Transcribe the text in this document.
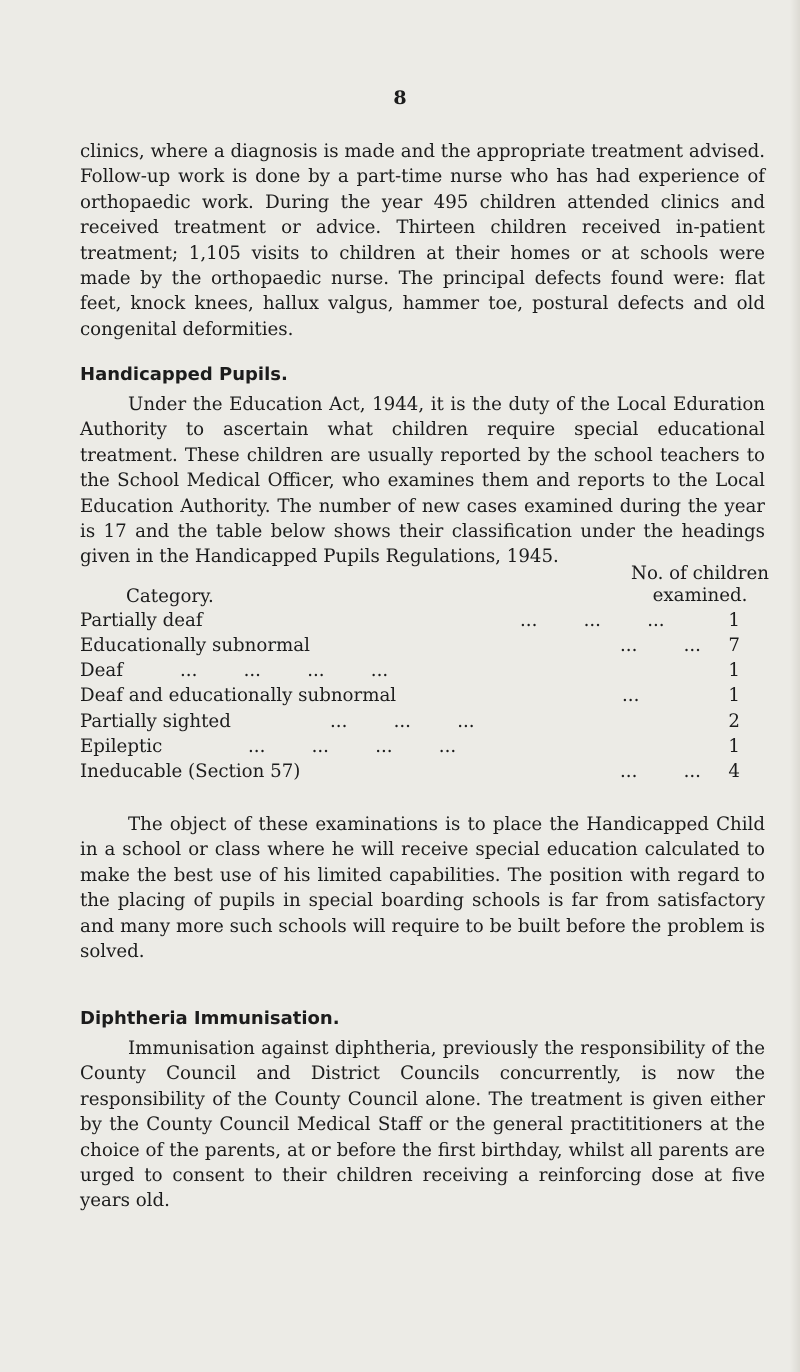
8

clinics, where a diagnosis is made and the appropriate treatment advised. Follow-up work is done by a part-time nurse who has had experience of orthopaedic work. During the year 495 children attended clinics and received treatment or advice. Thirteen children received in-patient treatment; 1,105 visits to children at their homes or at schools were made by the orthopaedic nurse. The principal defects found were: flat feet, knock knees, hallux valgus, hammer toe, postural defects and old congenital deformities.

Handicapped Pupils.

Under the Education Act, 1944, it is the duty of the Local Eduration Authority to ascertain what children require special educational treatment. These children are usually reported by the school teachers to the School Medical Officer, who examines them and reports to the Local Education Authority. The number of new cases examined during the year is 17 and the table below shows their classification under the headings given in the Handicapped Pupils Regulations, 1945.

No. of children
examined.
Category.
Partially deaf	1
...        ...        ...
Educationally subnormal	7
...        ...
Deaf	1
...        ...        ...        ...
Deaf and educationally subnormal	1
...
Partially sighted	2
...        ...        ...
Epileptic	1
...        ...        ...        ...
Ineducable (Section 57)	4
...        ...

The object of these examinations is to place the Handicapped Child in a school or class where he will receive special education calculated to make the best use of his limited capabilities. The position with regard to the placing of pupils in special boarding schools is far from satisfactory and many more such schools will require to be built before the problem is solved.

Diphtheria Immunisation.

Immunisation against diphtheria, previously the responsibility of the County Council and District Councils concurrently, is now the responsibility of the County Council alone. The treatment is given either by the County Council Medical Staff or the general practititioners at the choice of the parents, at or before the first birthday, whilst all parents are urged to consent to their children receiving a reinforcing dose at five years old.
